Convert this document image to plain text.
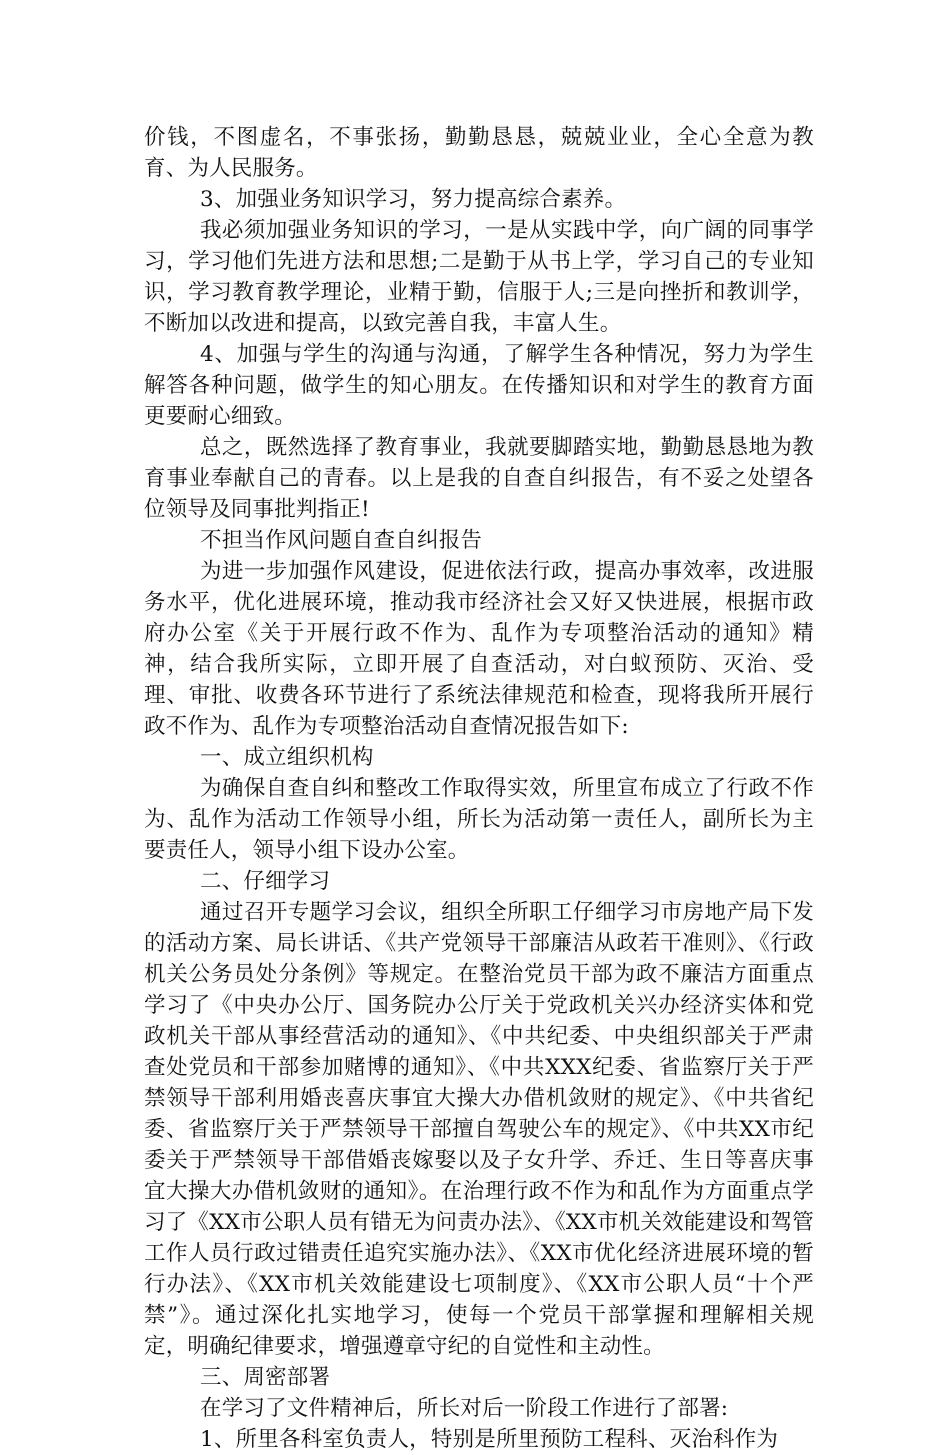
价钱，不图虚名，不事张扬，勤勤恳恳，兢兢业业，全心全意为教育、为人民服务。

3、加强业务知识学习，努力提高综合素养。

我必须加强业务知识的学习，一是从实践中学，向广阔的同事学习，学习他们先进方法和思想;二是勤于从书上学，学习自己的专业知识，学习教育教学理论，业精于勤，信服于人;三是向挫折和教训学，不断加以改进和提高，以致完善自我，丰富人生。

4、加强与学生的沟通与沟通，了解学生各种情况，努力为学生解答各种问题，做学生的知心朋友。在传播知识和对学生的教育方面更要耐心细致。

总之，既然选择了教育事业，我就要脚踏实地，勤勤恳恳地为教育事业奉献自己的青春。以上是我的自查自纠报告，有不妥之处望各位领导及同事批判指正!

不担当作风问题自查自纠报告

为进一步加强作风建设，促进依法行政，提高办事效率，改进服务水平，优化进展环境，推动我市经济社会又好又快进展，根据市政府办公室《关于开展行政不作为、乱作为专项整治活动的通知》精神，结合我所实际，立即开展了自查活动，对白蚁预防、灭治、受理、审批、收费各环节进行了系统法律规范和检查，现将我所开展行政不作为、乱作为专项整治活动自查情况报告如下:

一、成立组织机构

为确保自查自纠和整改工作取得实效，所里宣布成立了行政不作为、乱作为活动工作领导小组，所长为活动第一责任人，副所长为主要责任人，领导小组下设办公室。

二、仔细学习

通过召开专题学习会议，组织全所职工仔细学习市房地产局下发的活动方案、局长讲话、《共产党领导干部廉洁从政若干准则》、《行政机关公务员处分条例》等规定。在整治党员干部为政不廉洁方面重点学习了《中央办公厅、国务院办公厅关于党政机关兴办经济实体和党政机关干部从事经营活动的通知》、《中共纪委、中央组织部关于严肃查处党员和干部参加赌博的通知》、《中共XXX纪委、省监察厅关于严禁领导干部利用婚丧喜庆事宜大操大办借机敛财的规定》、《中共省纪委、省监察厅关于严禁领导干部擅自驾驶公车的规定》、《中共XX市纪委关于严禁领导干部借婚丧嫁娶以及子女升学、乔迁、生日等喜庆事宜大操大办借机敛财的通知》。在治理行政不作为和乱作为方面重点学习了《XX市公职人员有错无为问责办法》、《XX市机关效能建设和驾管工作人员行政过错责任追究实施办法》、《XX市优化经济进展环境的暂行办法》、《XX市机关效能建设七项制度》、《XX市公职人员“十个严禁”》。通过深化扎实地学习，使每一个党员干部掌握和理解相关规定，明确纪律要求，增强遵章守纪的自觉性和主动性。

三、周密部署

在学习了文件精神后，所长对后一阶段工作进行了部署:

1、所里各科室负责人，特别是所里预防工程科、灭治科作为
